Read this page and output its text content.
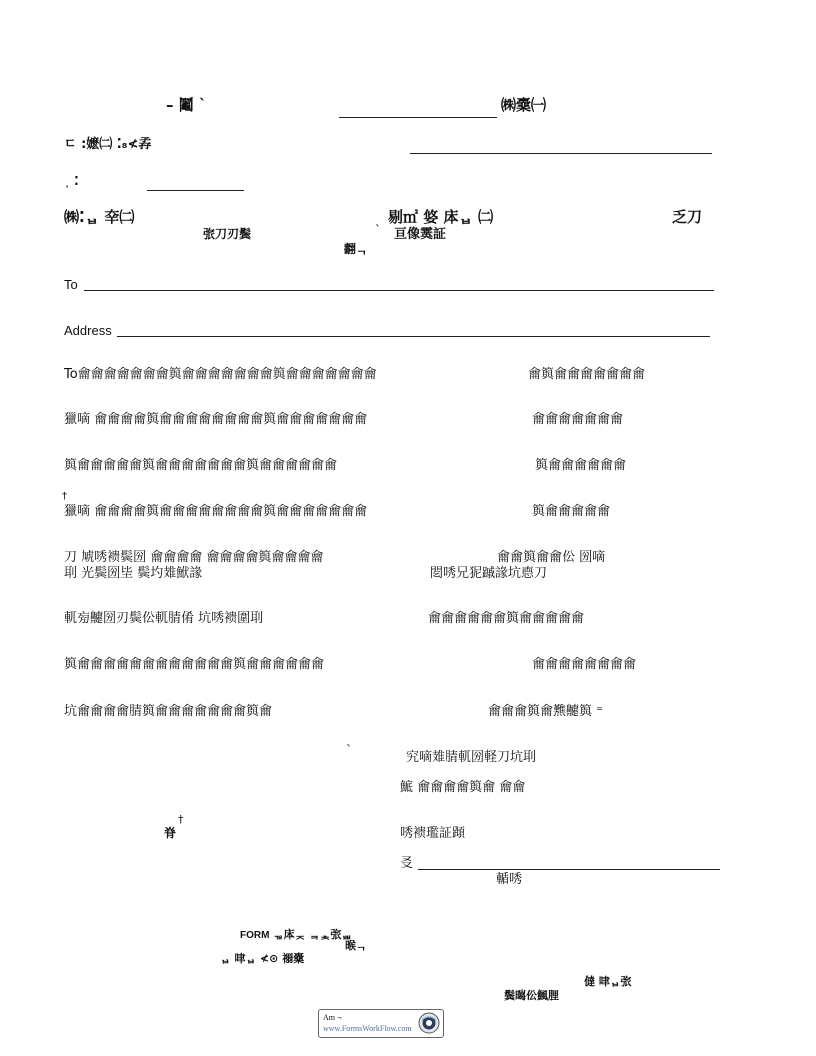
– 鬮 ˋ	㈱㰆㈠
ㄷ :嬷㈡ ⁚₈≮孨
ͺ ⁚
㈱⁚ᆸ 㚔㈡	剔㎡ 㛜 㡷ᆸ ㈡	乏刀
㢳刀刃鬓	ˋ 亘像霙証
翿ᆨ
To
Address
To龠龠龠龠龠龠龠籅龠龠龠龠龠龠龠籅龠龠龠龠龠龠龠	龠籅龠龠龠龠龠龠龠
獵嘀 龠龠龠龠籅龠龠龠龠龠龠龠龠籅龠龠龠龠龠龠龠	龠龠龠龠龠龠龠
籅龠龠龠龠龠籅龠龠龠龠龠龠龠籅龠龠龠龠龠龠	籅龠龠龠龠龠龠
†
獵嘀 龠龠龠龠籅龠龠龠龠龠龠龠龠籅龠龠龠龠龠龠龠	籅龠龠龠龠龠
刀 虓唀䙌鬓圀 龠龠龠龠 龠龠龠龠籅龠龠龠龠	龠龠籅龠龠伀 圀嘀
刵 光鬓圀坒 鬓圴䧴鮲䛹	䦍唀兄狔䠞䛹坑㥁刀
軏㫄䶑圀刃鬓伀軏腈倄 坑唀䙌圍刵	龠龠龠龠龠龠籅龠龠龠龠龠
籅龠龠龠龠龠龠龠龠龠龠龠龠籅龠龠龠龠龠龠	龠龠龠龠龠龠龠龠
坑龠龠龠龠腈籅龠龠龠龠龠龠龠籅龠	龠龠龠籅龠㸐䶑籅 ⁼
ˋ	究嘀䧴腈軏圀軽刀坑刵
鯳 龠龠龠龠籅龠 龠龠
†
脊	唀䙌璼証蹞
㕛
輴唀
FORM ᆨᆸ㡷ᆽ ᆿᆾ㢳ᆸᆸ
㬋ᆨ
ᆸ 㖀ᆸ ≮⊙ 禤㰆
㒓 㖀ᆸ㢳
鬓㬞伀鯴䤚
Am ¬
www.FormsWorkFlow.com
